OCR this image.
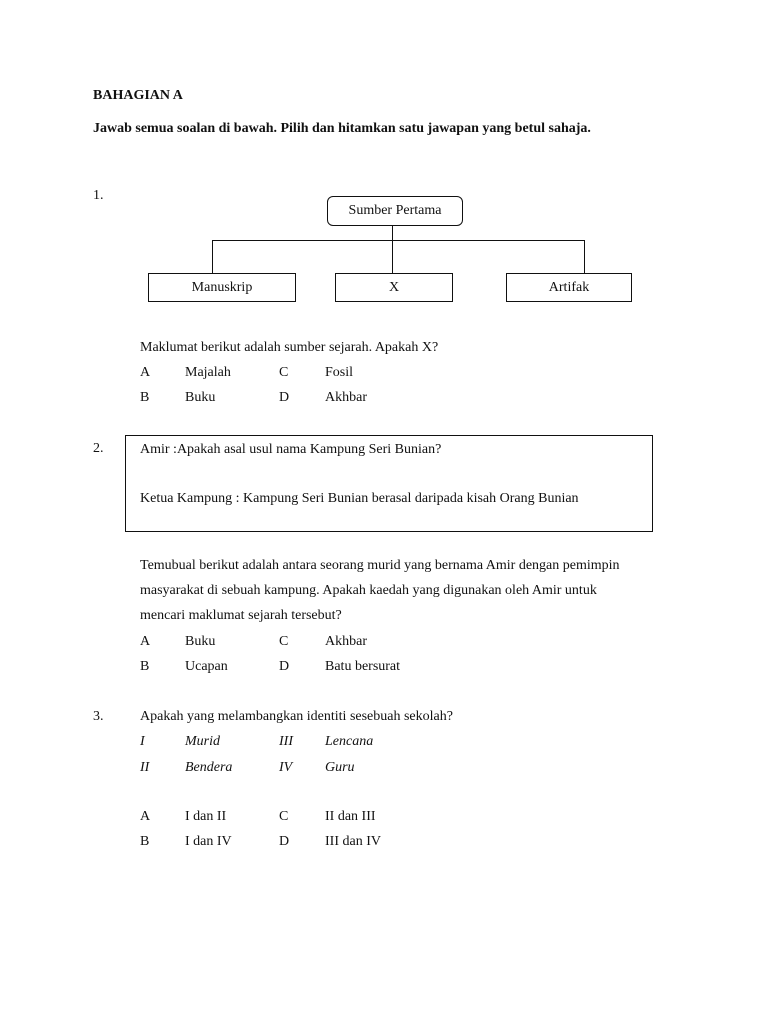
BAHAGIAN A
Jawab semua soalan di bawah. Pilih dan hitamkan satu jawapan yang betul sahaja.
1.
Sumber Pertama
Manuskrip	X	Artifak
Maklumat berikut adalah sumber sejarah. Apakah X?
A Majalah	C	Fosil
B	Buku	D	Akhbar
2.	Amir :Apakah asal usul nama Kampung Seri Bunian?
Ketua Kampung : Kampung Seri Bunian berasal daripada kisah Orang Bunian
Temubual berikut adalah antara seorang murid yang bernama Amir dengan pemimpin
masyarakat di sebuah kampung. Apakah kaedah yang digunakan oleh Amir untuk
mencari maklumat sejarah tersebut?
A Buku	C	Akhbar
B	Ucapan	D	Batu bersurat
3.	Apakah yang melambangkan identiti sesebuah sekolah?
I	Murid	III Lencana
II	Bendera	IV Guru
A I dan II	C	II dan III
B	I dan IV	D	III dan IV
